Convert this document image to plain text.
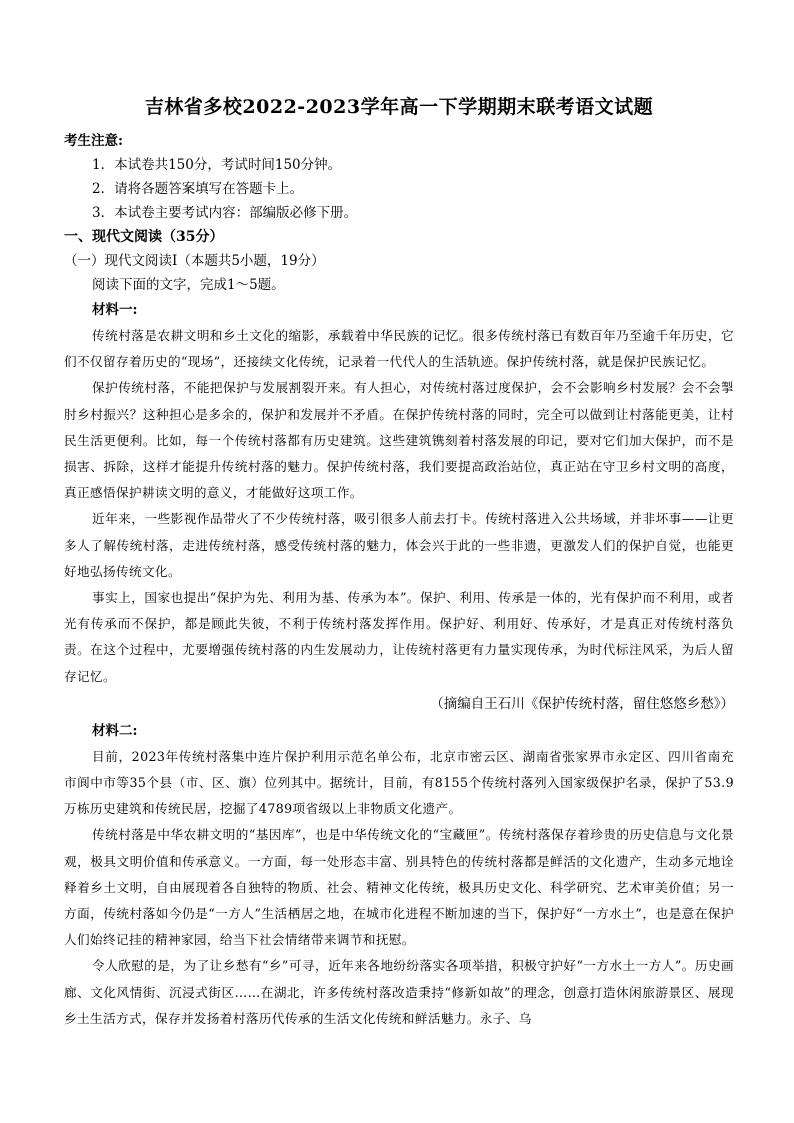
吉林省多校2022-2023学年高一下学期期末联考语文试题
考生注意:
1．本试卷共150分，考试时间150分钟。
2．请将各题答案填写在答题卡上。
3．本试卷主要考试内容：部编版必修下册。
一、现代文阅读（35分）
（一）现代文阅读Ⅰ（本题共5小题，19分）
阅读下面的文字，完成1～5题。
材料一:

传统村落是农耕文明和乡土文化的缩影，承载着中华民族的记忆。很多传统村落已有数百年乃至逾千年历史，它们不仅留存着历史的“现场”，还接续文化传统，记录着一代代人的生活轨迹。保护传统村落，就是保护民族记忆。

保护传统村落，不能把保护与发展割裂开来。有人担心，对传统村落过度保护，会不会影响乡村发展？会不会掣肘乡村振兴？这种担心是多余的，保护和发展并不矛盾。在保护传统村落的同时，完全可以做到让村落能更美，让村民生活更便利。比如，每一个传统村落都有历史建筑。这些建筑镌刻着村落发展的印记，要对它们加大保护，而不是损害、拆除，这样才能提升传统村落的魅力。保护传统村落，我们要提高政治站位，真正站在守卫乡村文明的高度，真正感悟保护耕读文明的意义，才能做好这项工作。

近年来，一些影视作品带火了不少传统村落，吸引很多人前去打卡。传统村落进入公共场域，并非坏事——让更多人了解传统村落，走进传统村落，感受传统村落的魅力，体会兴于此的一些非遗，更激发人们的保护自觉，也能更好地弘扬传统文化。

事实上，国家也提出“保护为先、利用为基、传承为本”。保护、利用、传承是一体的，光有保护而不利用，或者光有传承而不保护，都是顾此失彼，不利于传统村落发挥作用。保护好、利用好、传承好，才是真正对传统村落负责。在这个过程中，尤要增强传统村落的内生发展动力，让传统村落更有力量实现传承，为时代标注风采，为后人留存记忆。

（摘编自王石川《保护传统村落，留住悠悠乡愁》）
材料二:

目前，2023年传统村落集中连片保护利用示范名单公布，北京市密云区、湖南省张家界市永定区、四川省南充市阆中市等35个县（市、区、旗）位列其中。据统计，目前，有8155个传统村落列入国家级保护名录，保护了53.9万栋历史建筑和传统民居，挖掘了4789项省级以上非物质文化遗产。

传统村落是中华农耕文明的“基因库”，也是中华传统文化的“宝藏匣”。传统村落保存着珍贵的历史信息与文化景观，极具文明价值和传承意义。一方面，每一处形态丰富、别具特色的传统村落都是鲜活的文化遗产，生动多元地诠释着乡土文明，自由展现着各自独特的物质、社会、精神文化传统，极具历史文化、科学研究、艺术审美价值；另一方面，传统村落如今仍是“一方人”生活栖居之地，在城市化进程不断加速的当下，保护好“一方水土”，也是意在保护人们始终记挂的精神家园，给当下社会情绪带来调节和抚慰。

令人欣慰的是，为了让乡愁有“乡”可寻，近年来各地纷纷落实各项举措，积极守护好“一方水土一方人”。历史画廊、文化风情街、沉浸式街区……在湖北，许多传统村落改造秉持“修新如故”的理念，创意打造休闲旅游景区、展现乡土生活方式，保存并发扬着村落历代传承的生活文化传统和鲜活魅力。永子、乌
